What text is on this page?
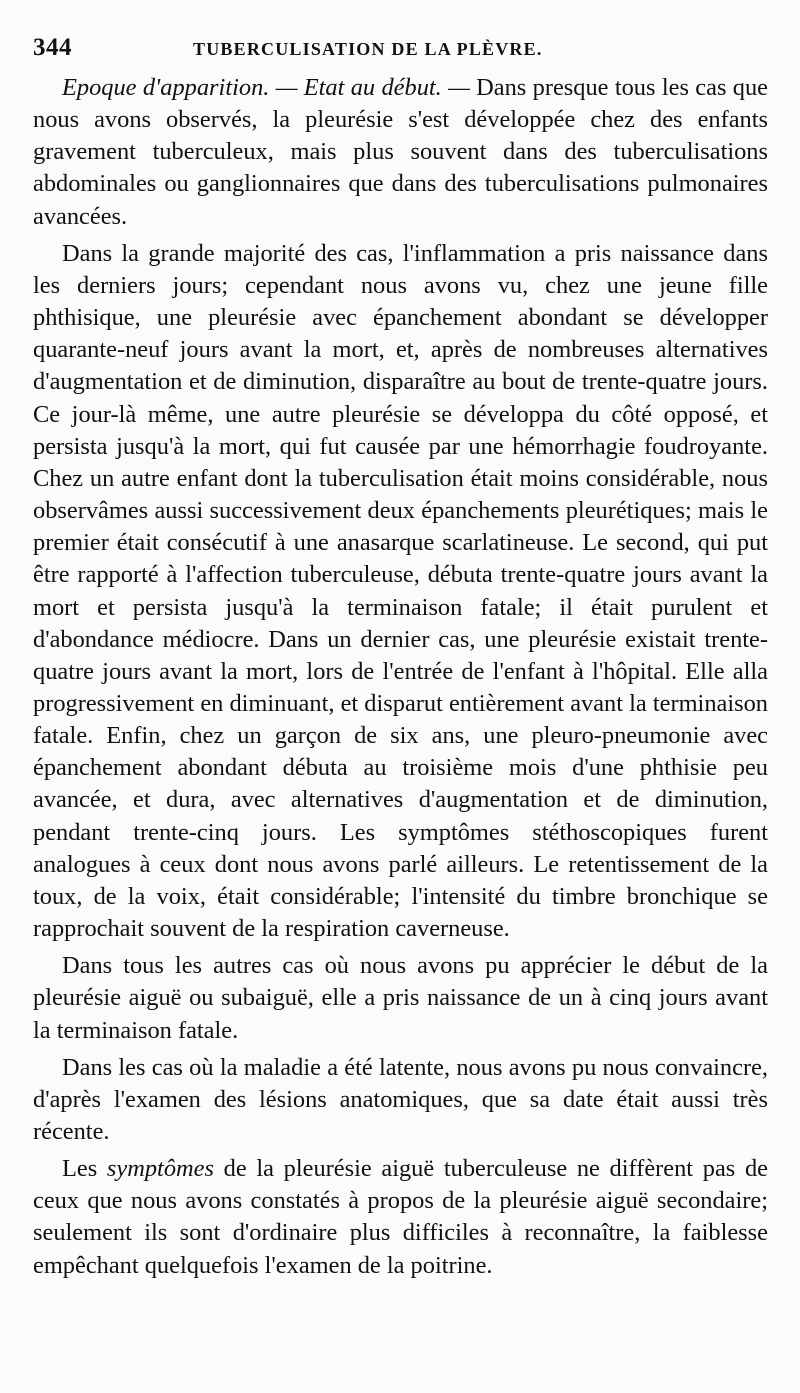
344	TUBERCULISATION DE LA PLÈVRE.

Epoque d'apparition. — Etat au début. — Dans presque tous les cas que nous avons observés, la pleurésie s'est développée chez des enfants gravement tuberculeux, mais plus souvent dans des tuberculisations abdominales ou ganglionnaires que dans des tuberculisations pulmonaires avancées.

Dans la grande majorité des cas, l'inflammation a pris naissance dans les derniers jours; cependant nous avons vu, chez une jeune fille phthisique, une pleurésie avec épanchement abondant se développer quarante-neuf jours avant la mort, et, après de nombreuses alternatives d'augmentation et de diminution, disparaître au bout de trente-quatre jours. Ce jour-là même, une autre pleurésie se développa du côté opposé, et persista jusqu'à la mort, qui fut causée par une hémorrhagie foudroyante. Chez un autre enfant dont la tuberculisation était moins considérable, nous observâmes aussi successivement deux épanchements pleurétiques; mais le premier était consécutif à une anasarque scarlatineuse. Le second, qui put être rapporté à l'affection tuberculeuse, débuta trente-quatre jours avant la mort et persista jusqu'à la terminaison fatale; il était purulent et d'abondance médiocre. Dans un dernier cas, une pleurésie existait trente-quatre jours avant la mort, lors de l'entrée de l'enfant à l'hôpital. Elle alla progressivement en diminuant, et disparut entièrement avant la terminaison fatale. Enfin, chez un garçon de six ans, une pleuro-pneumonie avec épanchement abondant débuta au troisième mois d'une phthisie peu avancée, et dura, avec alternatives d'augmentation et de diminution, pendant trente-cinq jours. Les symptômes stéthoscopiques furent analogues à ceux dont nous avons parlé ailleurs. Le retentissement de la toux, de la voix, était considérable; l'intensité du timbre bronchique se rapprochait souvent de la respiration caverneuse.

Dans tous les autres cas où nous avons pu apprécier le début de la pleurésie aiguë ou subaiguë, elle a pris naissance de un à cinq jours avant la terminaison fatale.

Dans les cas où la maladie a été latente, nous avons pu nous convaincre, d'après l'examen des lésions anatomiques, que sa date était aussi très récente.

Les symptômes de la pleurésie aiguë tuberculeuse ne diffèrent pas de ceux que nous avons constatés à propos de la pleurésie aiguë secondaire; seulement ils sont d'ordinaire plus difficiles à reconnaître, la faiblesse empêchant quelquefois l'examen de la poitrine.
